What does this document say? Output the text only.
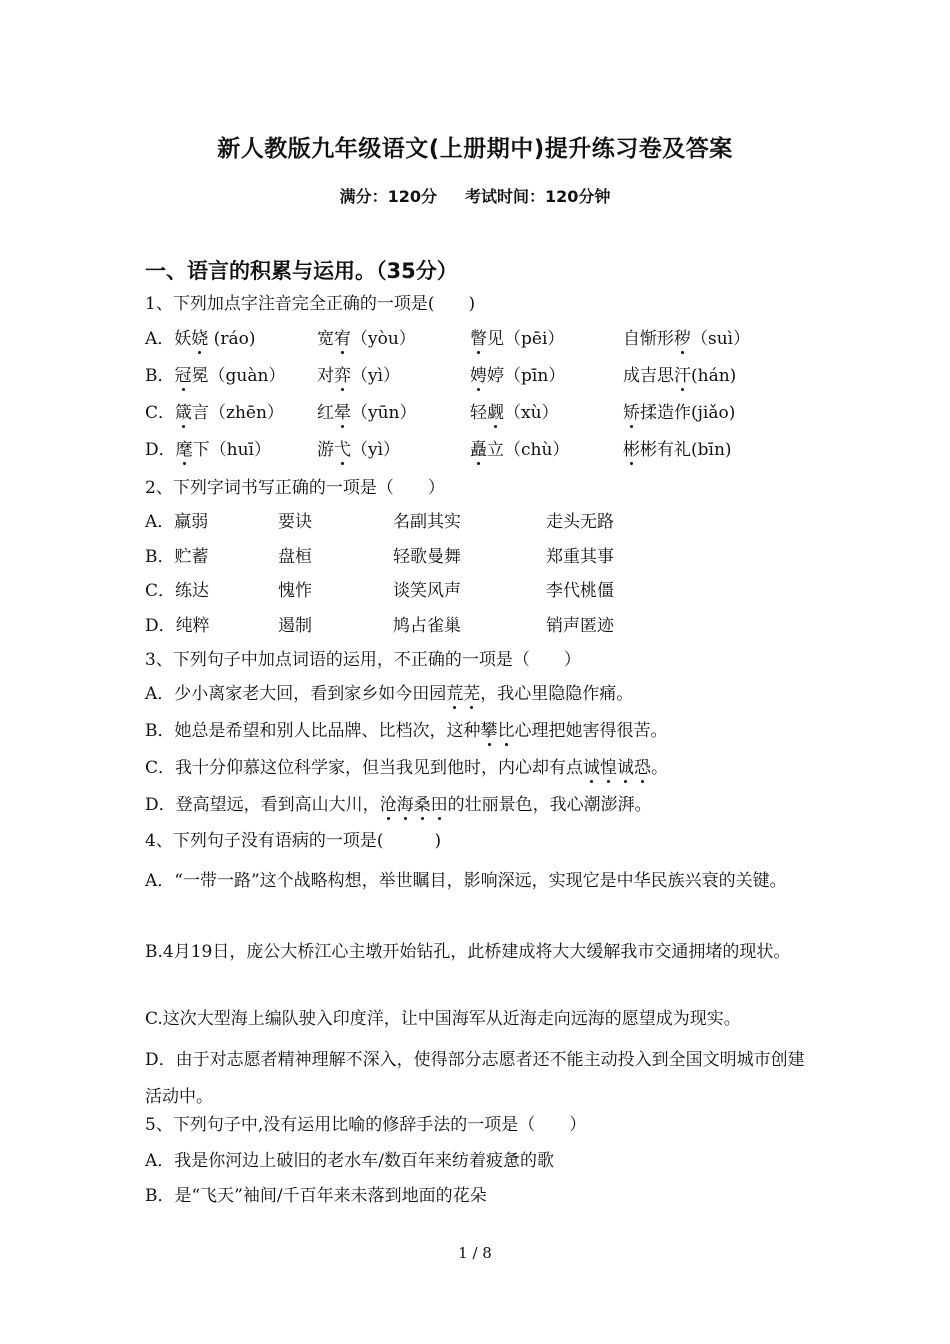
新人教版九年级语文(上册期中)提升练习卷及答案
满分：120分 考试时间：120分钟
一、语言的积累与运用。（35分）
1、下列加点字注音完全正确的一项是(　　)
A．妖娆 (ráo)	宽宥（yòu）	瞥见（pēi）	自惭形秽（suì）
B．冠冕（guàn） 对弈（yì）	娉婷（pīn）	成吉思汗(hán)
C．箴言（zhēn） 红晕（yūn）	轻觑（xù）	矫揉造作(jiǎo)
D．麾下（huī）	游弋（yì）	矗立（chù）	彬彬有礼(bīn)
2、下列字词书写正确的一项是（　　）
A．羸弱	要诀	名副其实	走头无路
B．贮蓄	盘桓	轻歌曼舞	郑重其事
C．练达	愧怍	谈笑风声	李代桃僵
D．纯粹	遏制	鸠占雀巢	销声匿迹
3、下列句子中加点词语的运用，不正确的一项是（　　）
A．少小离家老大回，看到家乡如今田园荒芜，我心里隐隐作痛。
B．她总是希望和别人比品牌、比档次，这种攀比心理把她害得很苦。
C．我十分仰慕这位科学家，但当我见到他时，内心却有点诚惶诚恐。
D．登高望远，看到高山大川，沧海桑田的壮丽景色，我心潮澎湃。
4、下列句子没有语病的一项是(　　　)
A．“一带一路”这个战略构想，举世瞩目，影响深远，实现它是中华民族兴衰的关键。
B.4月19日，庞公大桥江心主墩开始钻孔，此桥建成将大大缓解我市交通拥堵的现状。
C.这次大型海上编队驶入印度洋，让中国海军从近海走向远海的愿望成为现实。
D．由于对志愿者精神理解不深入，使得部分志愿者还不能主动投入到全国文明城市创建活动中。
5、下列句子中,没有运用比喻的修辞手法的一项是（　　）
A．我是你河边上破旧的老水车/数百年来纺着疲惫的歌
B．是“飞天”袖间/千百年来未落到地面的花朵
1 / 8
